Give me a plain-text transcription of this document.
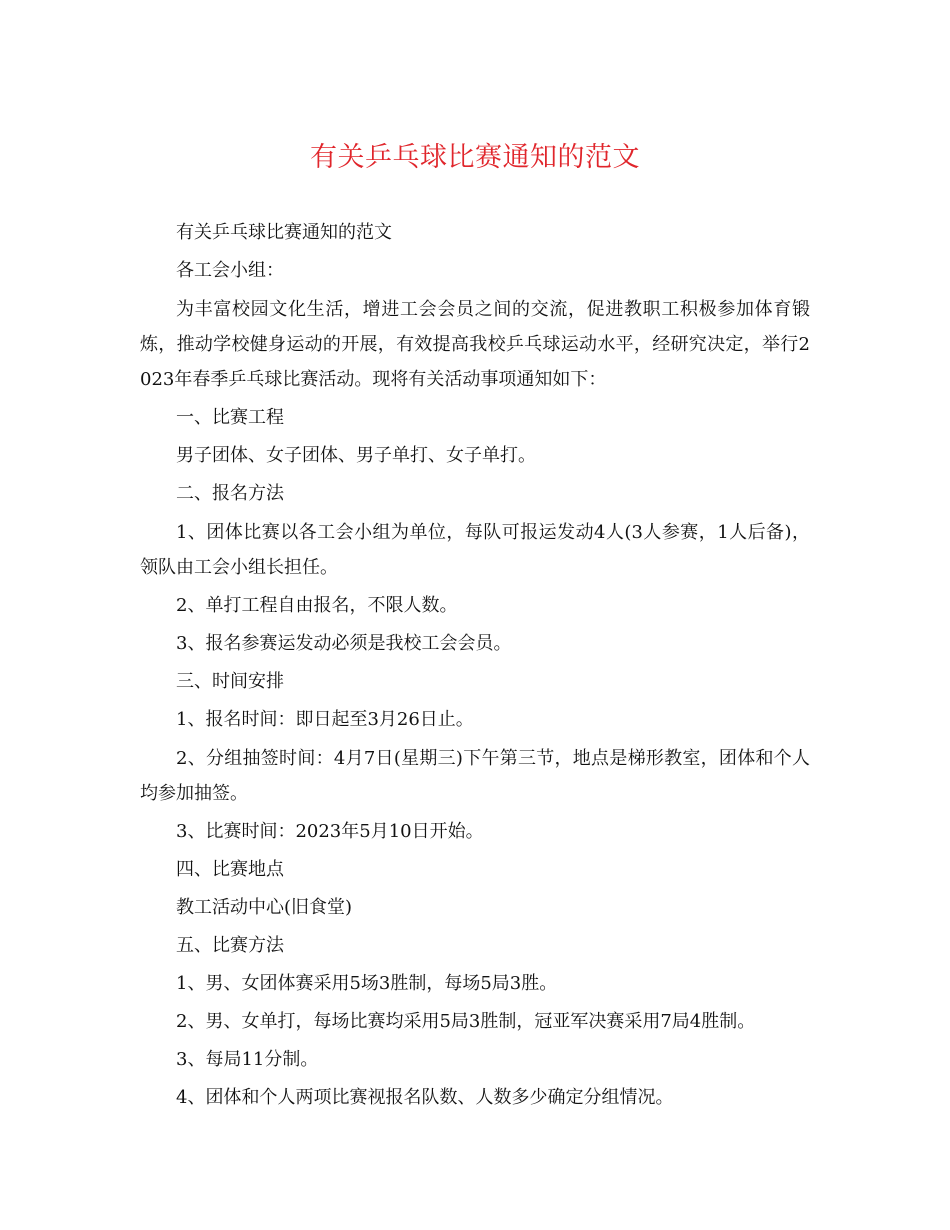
有关乒乓球比赛通知的范文

有关乒乓球比赛通知的范文

各工会小组：

为丰富校园文化生活，增进工会会员之间的交流，促进教职工积极参加体育锻炼，推动学校健身运动的开展，有效提高我校乒乓球运动水平，经研究决定，举行2023年春季乒乓球比赛活动。现将有关活动事项通知如下：

一、比赛工程

男子团体、女子团体、男子单打、女子单打。

二、报名方法

1、团体比赛以各工会小组为单位，每队可报运发动4人(3人参赛，1人后备)，领队由工会小组长担任。

2、单打工程自由报名，不限人数。

3、报名参赛运发动必须是我校工会会员。

三、时间安排

1、报名时间：即日起至3月26日止。

2、分组抽签时间：4月7日(星期三)下午第三节，地点是梯形教室，团体和个人均参加抽签。

3、比赛时间：2023年5月10日开始。

四、比赛地点

教工活动中心(旧食堂)

五、比赛方法

1、男、女团体赛采用5场3胜制，每场5局3胜。

2、男、女单打，每场比赛均采用5局3胜制，冠亚军决赛采用7局4胜制。

3、每局11分制。

4、团体和个人两项比赛视报名队数、人数多少确定分组情况。
